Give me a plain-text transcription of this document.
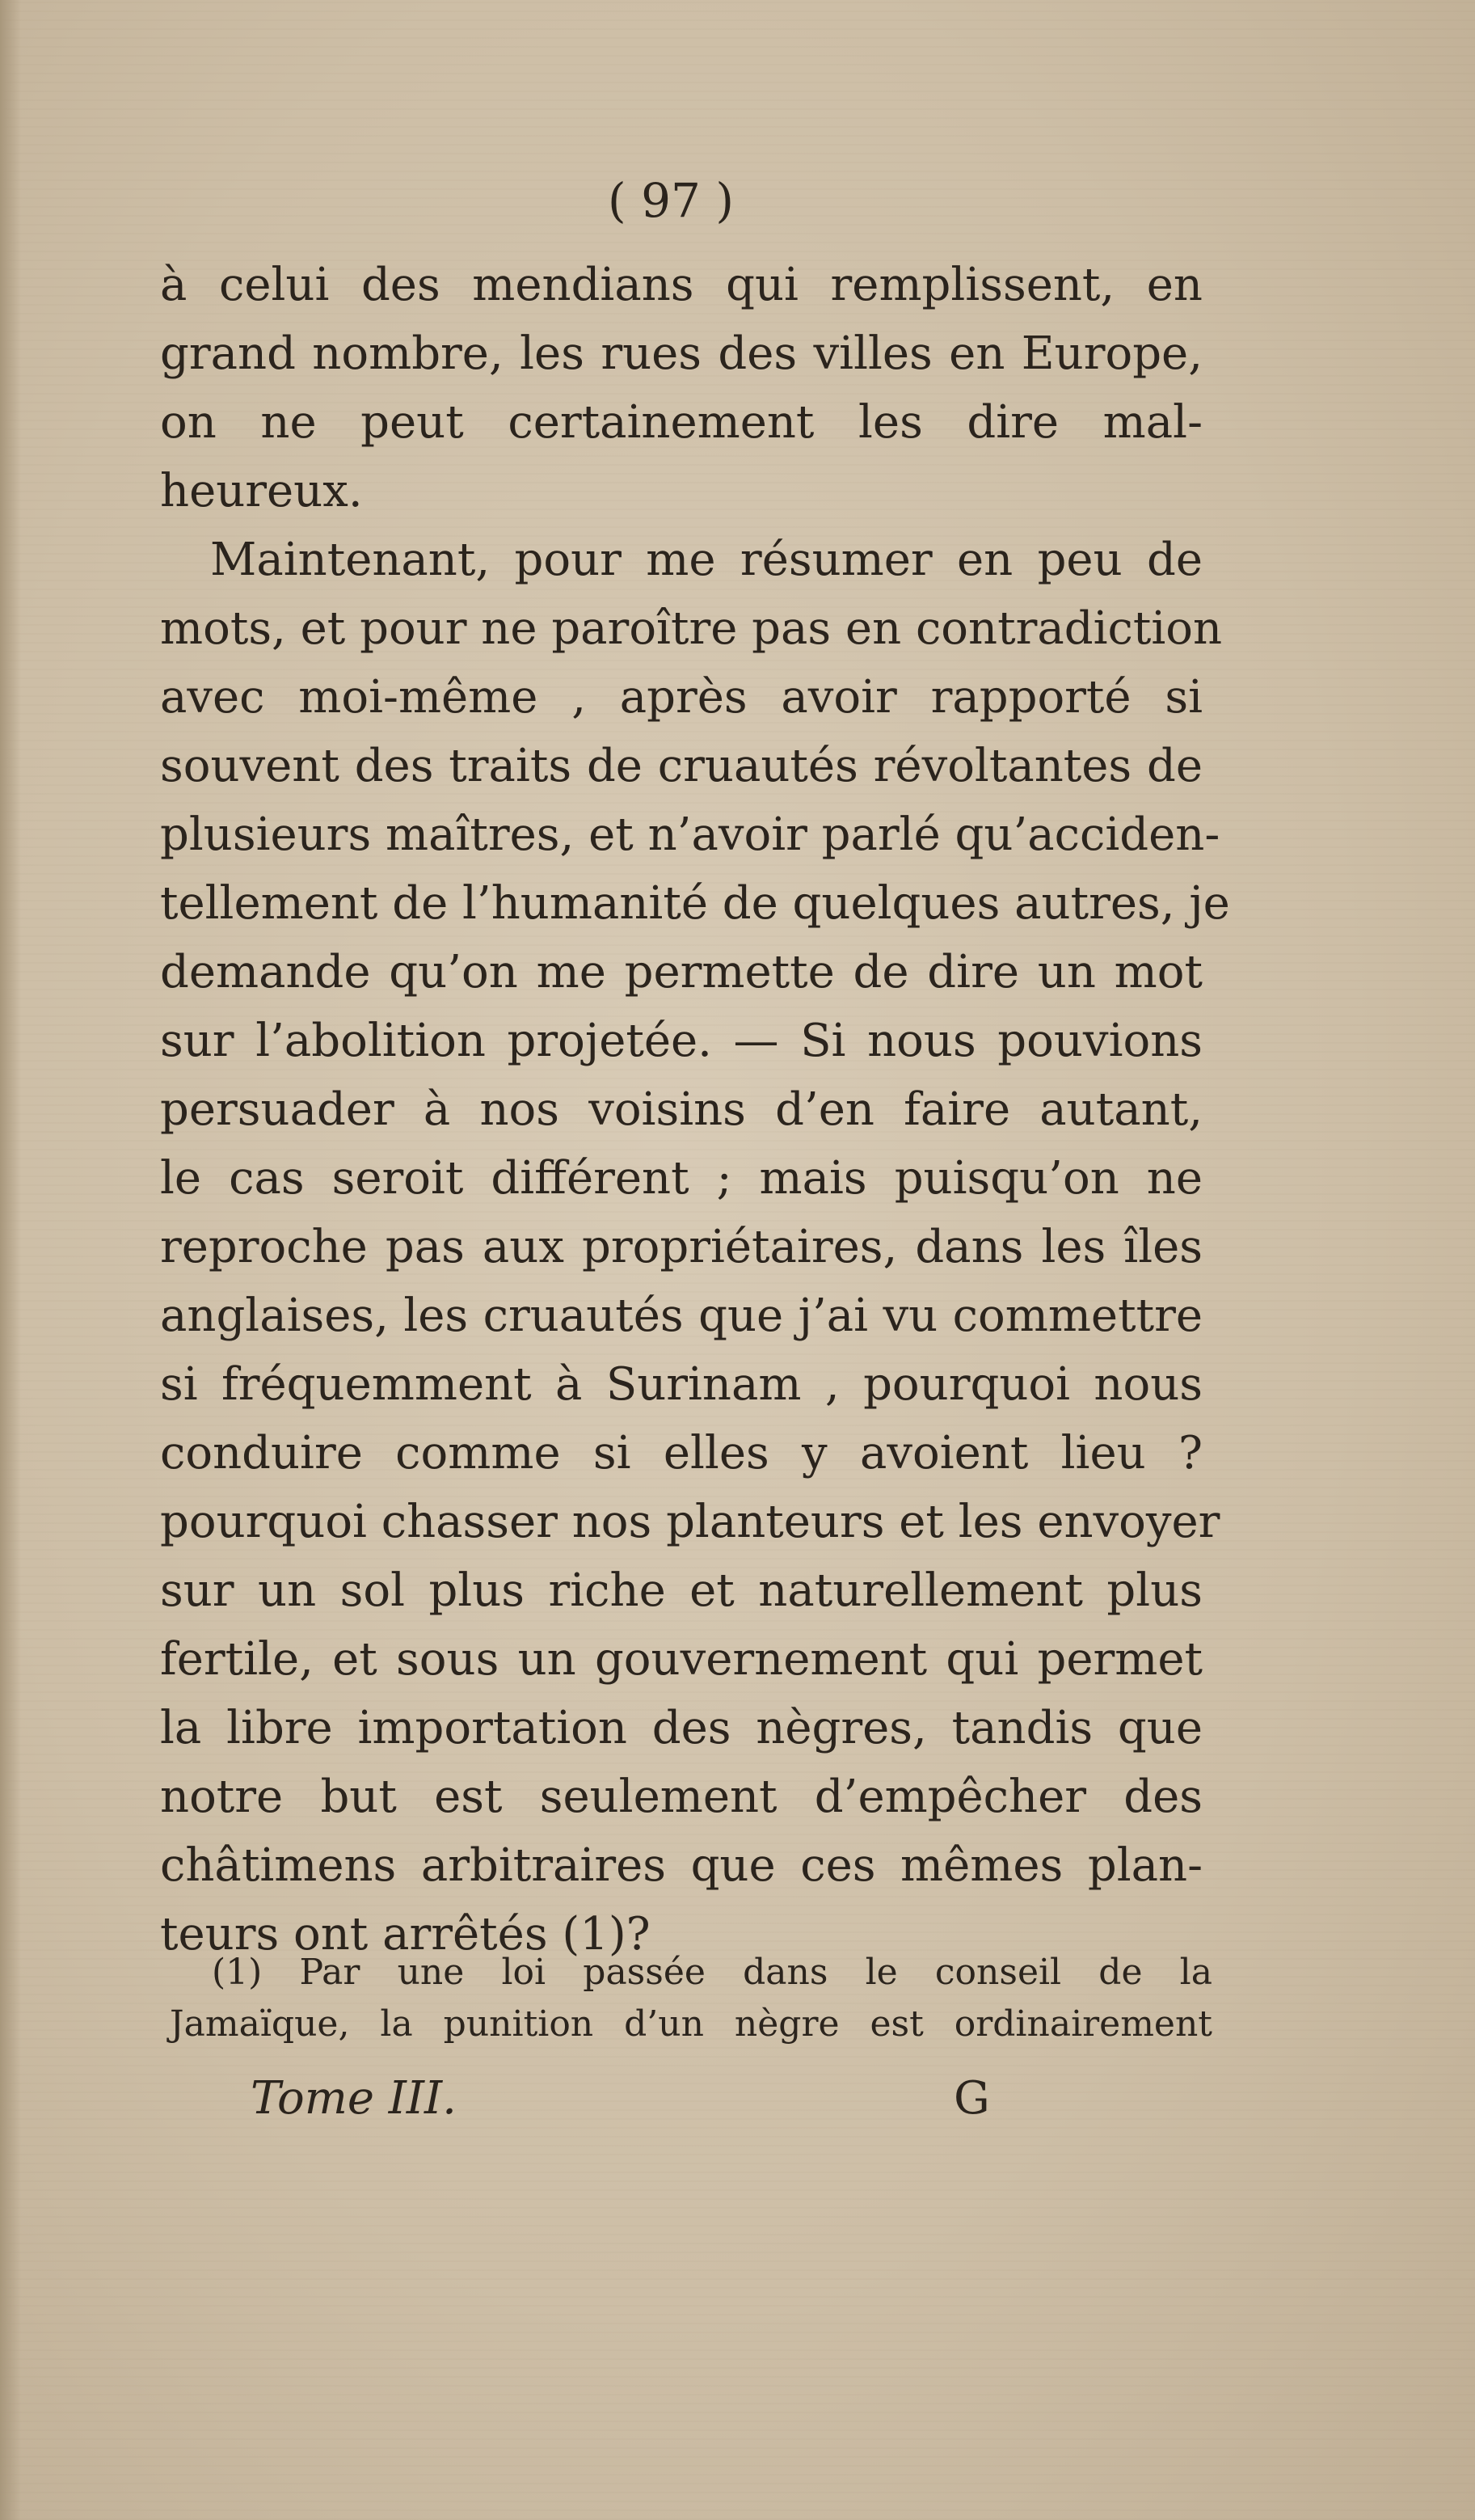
( 97 )
à celui des mendians qui remplissent, en
grand nombre, les rues des villes en Europe,
on ne peut certainement les dire mal-
heureux.
Maintenant, pour me résumer en peu de
mots, et pour ne paroître pas en contradiction
avec moi-même , après avoir rapporté si
souvent des traits de cruautés révoltantes de
plusieurs maîtres, et n’avoir parlé qu’acciden-
tellement de l’humanité de quelques autres, je
demande qu’on me permette de dire un mot
sur l’abolition projetée. — Si nous pouvions
persuader à nos voisins d’en faire autant,
le cas seroit différent ; mais puisqu’on ne
reproche pas aux propriétaires, dans les îles
anglaises, les cruautés que j’ai vu commettre
si fréquemment à Surinam , pourquoi nous
conduire comme si elles y avoient lieu ?
pourquoi chasser nos planteurs et les envoyer
sur un sol plus riche et naturellement plus
fertile, et sous un gouvernement qui permet
la libre importation des nègres, tandis que
notre but est seulement d’empêcher des
châtimens arbitraires que ces mêmes plan-
teurs ont arrêtés (1)?
(1) Par une loi passée dans le conseil de la
Jamaïque, la punition d’un nègre est ordinairement
Tome III.	G
